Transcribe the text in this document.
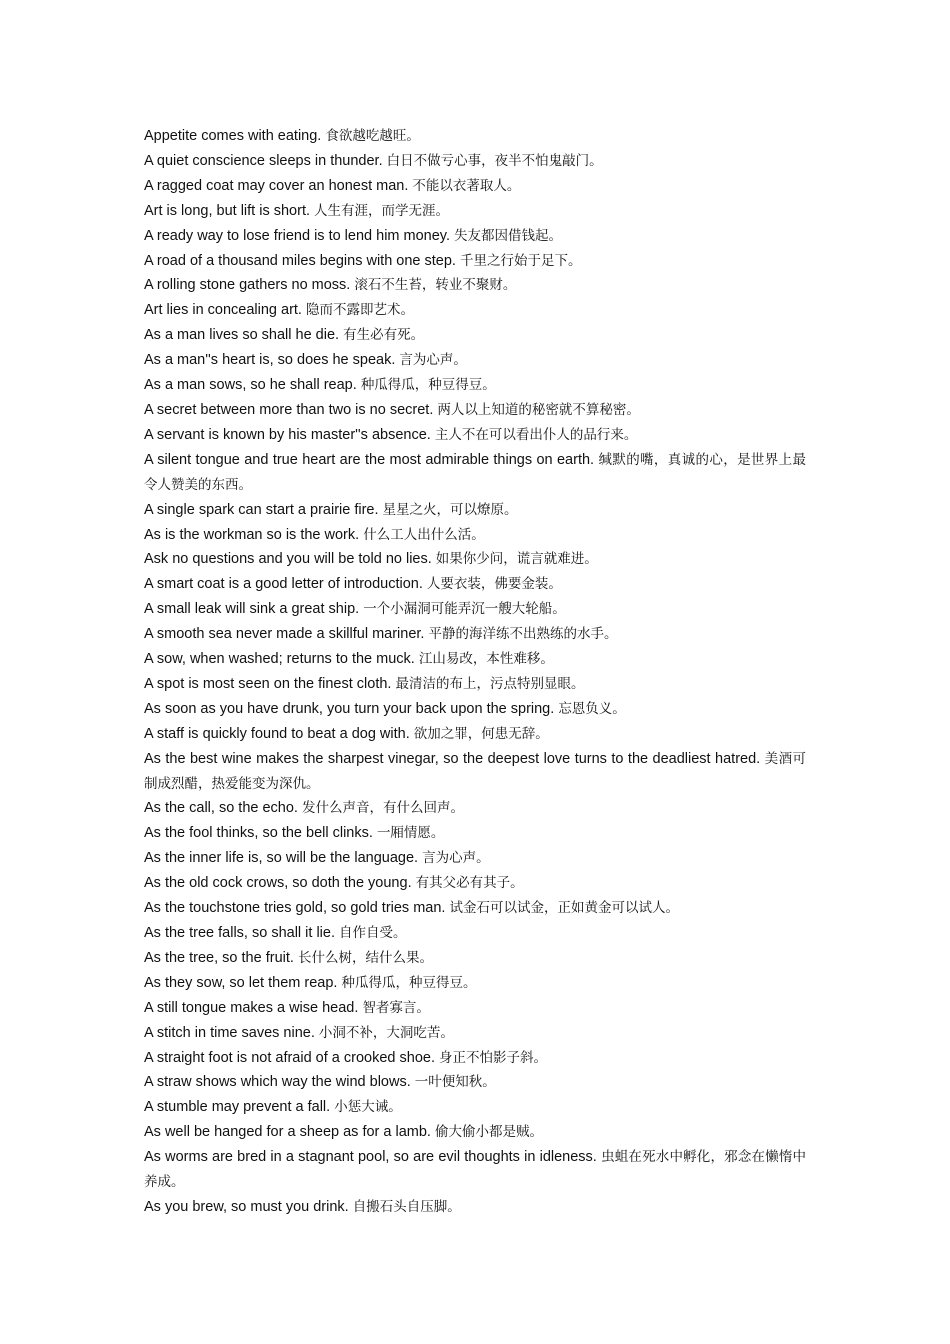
Appetite comes with eating. 食欲越吃越旺。

A quiet conscience sleeps in thunder. 白日不做亏心事，夜半不怕鬼敲门。

A ragged coat may cover an honest man. 不能以衣著取人。

Art is long, but lift is short. 人生有涯，而学无涯。

A ready way to lose friend is to lend him money. 失友都因借钱起。

A road of a thousand miles begins with one step. 千里之行始于足下。

A rolling stone gathers no moss. 滚石不生苔，转业不聚财。

Art lies in concealing art. 隐而不露即艺术。

As a man lives so shall he die. 有生必有死。

As a man''s heart is, so does he speak. 言为心声。

As a man sows, so he shall reap. 种瓜得瓜，种豆得豆。

A secret between more than two is no secret. 两人以上知道的秘密就不算秘密。

A servant is known by his master''s absence. 主人不在可以看出仆人的品行来。

A silent tongue and true heart are the most admirable things on earth. 缄默的嘴，真诚的心，是世界上最令人赞美的东西。

A single spark can start a prairie fire. 星星之火，可以燎原。

As is the workman so is the work. 什么工人出什么活。

Ask no questions and you will be told no lies. 如果你少问，谎言就难进。

A smart coat is a good letter of introduction. 人要衣装，佛要金装。

A small leak will sink a great ship. 一个小漏洞可能弄沉一艘大轮船。

A smooth sea never made a skillful mariner. 平静的海洋练不出熟练的水手。

A sow, when washed; returns to the muck. 江山易改，本性难移。

A spot is most seen on the finest cloth. 最清洁的布上，污点特别显眼。

As soon as you have drunk, you turn your back upon the spring. 忘恩负义。

A staff is quickly found to beat a dog with. 欲加之罪，何患无辞。

As the best wine makes the sharpest vinegar, so the deepest love turns to the deadliest hatred. 美酒可制成烈醋，热爱能变为深仇。

As the call, so the echo. 发什么声音，有什么回声。

As the fool thinks, so the bell clinks. 一厢情愿。

As the inner life is, so will be the language. 言为心声。

As the old cock crows, so doth the young. 有其父必有其子。

As the touchstone tries gold, so gold tries man. 试金石可以试金，正如黄金可以试人。

As the tree falls, so shall it lie. 自作自受。

As the tree, so the fruit. 长什么树，结什么果。

As they sow, so let them reap. 种瓜得瓜，种豆得豆。

A still tongue makes a wise head. 智者寡言。

A stitch in time saves nine. 小洞不补，大洞吃苦。

A straight foot is not afraid of a crooked shoe. 身正不怕影子斜。

A straw shows which way the wind blows. 一叶便知秋。

A stumble may prevent a fall. 小惩大诫。

As well be hanged for a sheep as for a lamb. 偷大偷小都是贼。

As worms are bred in a stagnant pool, so are evil thoughts in idleness. 虫蛆在死水中孵化，邪念在懒惰中养成。

As you brew, so must you drink. 自搬石头自压脚。
